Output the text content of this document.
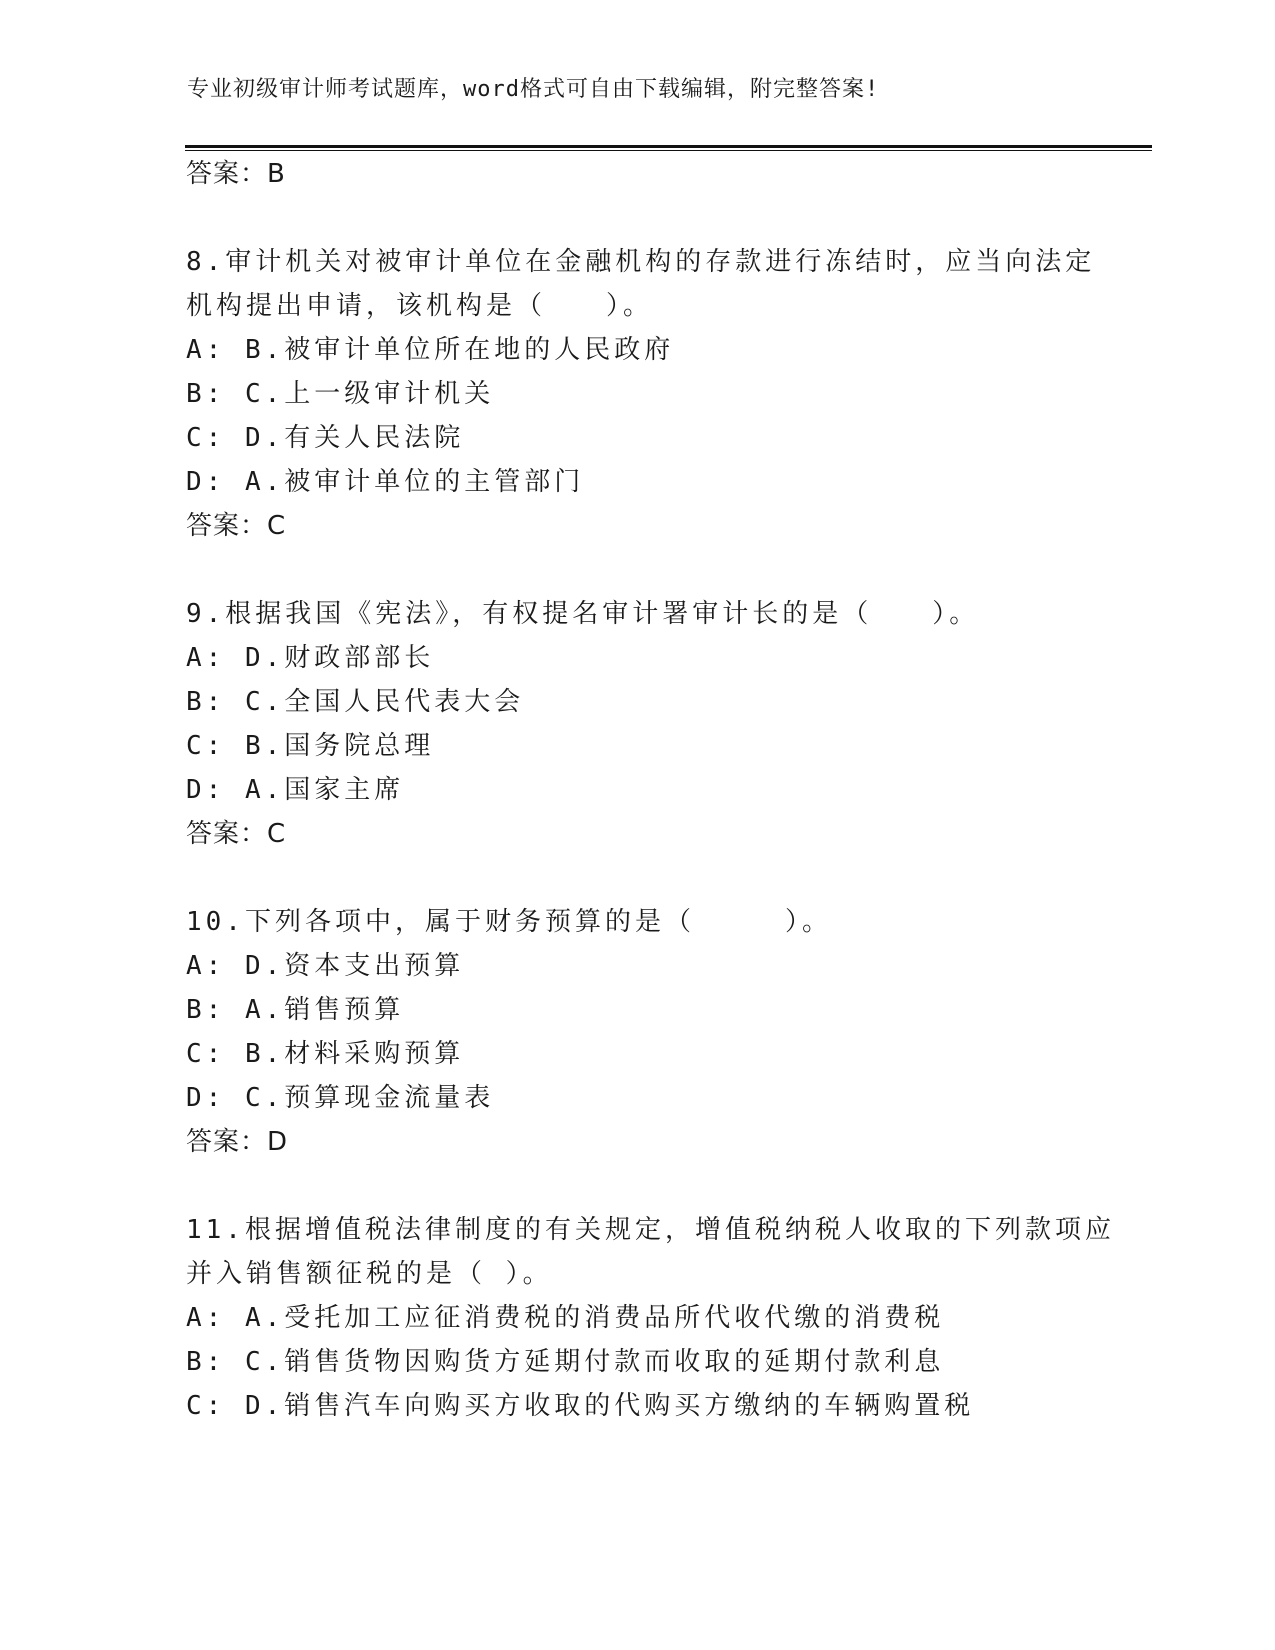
专业初级审计师考试题库，word格式可自由下载编辑，附完整答案!
答案：B
8.审计机关对被审计单位在金融机构的存款进行冻结时，应当向法定
机构提出申请，该机构是（　　）。
A: B.被审计单位所在地的人民政府
B: C.上一级审计机关
C: D.有关人民法院
D: A.被审计单位的主管部门
答案：C
9.根据我国《宪法》，有权提名审计署审计长的是（　　）。
A: D.财政部部长
B: C.全国人民代表大会
C: B.国务院总理
D: A.国家主席
答案：C
10.下列各项中，属于财务预算的是（　　　）。
A: D.资本支出预算
B: A.销售预算
C: B.材料采购预算
D: C.预算现金流量表
答案：D
11.根据增值税法律制度的有关规定，增值税纳税人收取的下列款项应
并入销售额征税的是（ ）。
A: A.受托加工应征消费税的消费品所代收代缴的消费税
B: C.销售货物因购货方延期付款而收取的延期付款利息
C: D.销售汽车向购买方收取的代购买方缴纳的车辆购置税
